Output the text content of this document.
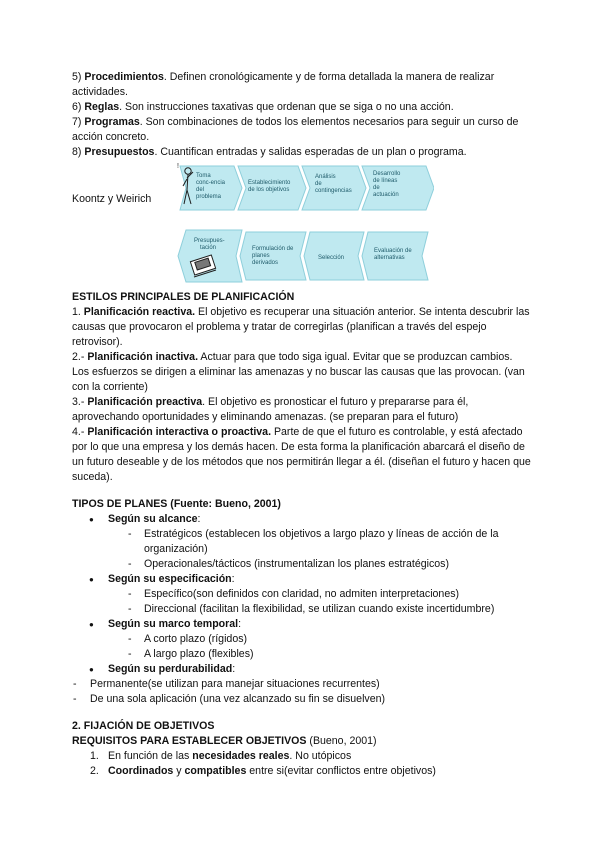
5) Procedimientos. Definen cronológicamente y de forma detallada la manera de realizar actividades.

6) Reglas. Son instrucciones taxativas que ordenan que se siga o no una acción.

7) Programas. Son combinaciones de todos los elementos necesarios para seguir un curso de acción concreto.

8) Presupuestos. Cuantifican entradas y salidas esperadas de un plan o programa.

Koontz y Weirich
!
Toma conc-encia del problema
Establecimiento de los objetivos
Análisis de contingencias
Desarrollo de líneas de actuación
Presupues-tación	Formulación de planes derivados
Selección
Evaluación de alternativas

ESTILOS PRINCIPALES DE PLANIFICACIÓN

1. Planificación reactiva. El objetivo es recuperar una situación anterior. Se intenta descubrir las causas que provocaron el problema y tratar de corregirlas (planifican a través del espejo retrovisor).

2.- Planificación inactiva. Actuar para que todo siga igual. Evitar que se produzcan cambios. Los esfuerzos se dirigen a eliminar las amenazas y no buscar las causas que las provocan. (van con la corriente)

3.- Planificación preactiva. El objetivo es pronosticar el futuro y prepararse para él, aprovechando oportunidades y eliminando amenazas. (se preparan para el futuro)

4.- Planificación interactiva o proactiva. Parte de que el futuro es controlable, y está afectado por lo que una empresa y los demás hacen. De esta forma la planificación abarcará el diseño de un futuro deseable y de los métodos que nos permitirán llegar a él. (diseñan el futuro y hacen que suceda).

TIPOS DE PLANES (Fuente: Bueno, 2001)

● Según su alcance:
- Estratégicos (establecen los objetivos a largo plazo y líneas de acción de la organización)
- Operacionales/tácticos (instrumentalizan los planes estratégicos)
● Según su especificación:
- Específico(son definidos con claridad, no admiten interpretaciones)
- Direccional (facilitan la flexibilidad, se utilizan cuando existe incertidumbre)
● Según su marco temporal:
- A corto plazo (rígidos)
- A largo plazo (flexibles)
● Según su perdurabilidad:
- Permanente(se utilizan para manejar situaciones recurrentes)
- De una sola aplicación (una vez alcanzado su fin se disuelven)

2. FIJACIÓN DE OBJETIVOS

REQUISITOS PARA ESTABLECER OBJETIVOS (Bueno, 2001)

1. En función de las necesidades reales. No utópicos
2. Coordinados y compatibles entre si(evitar conflictos entre objetivos)
